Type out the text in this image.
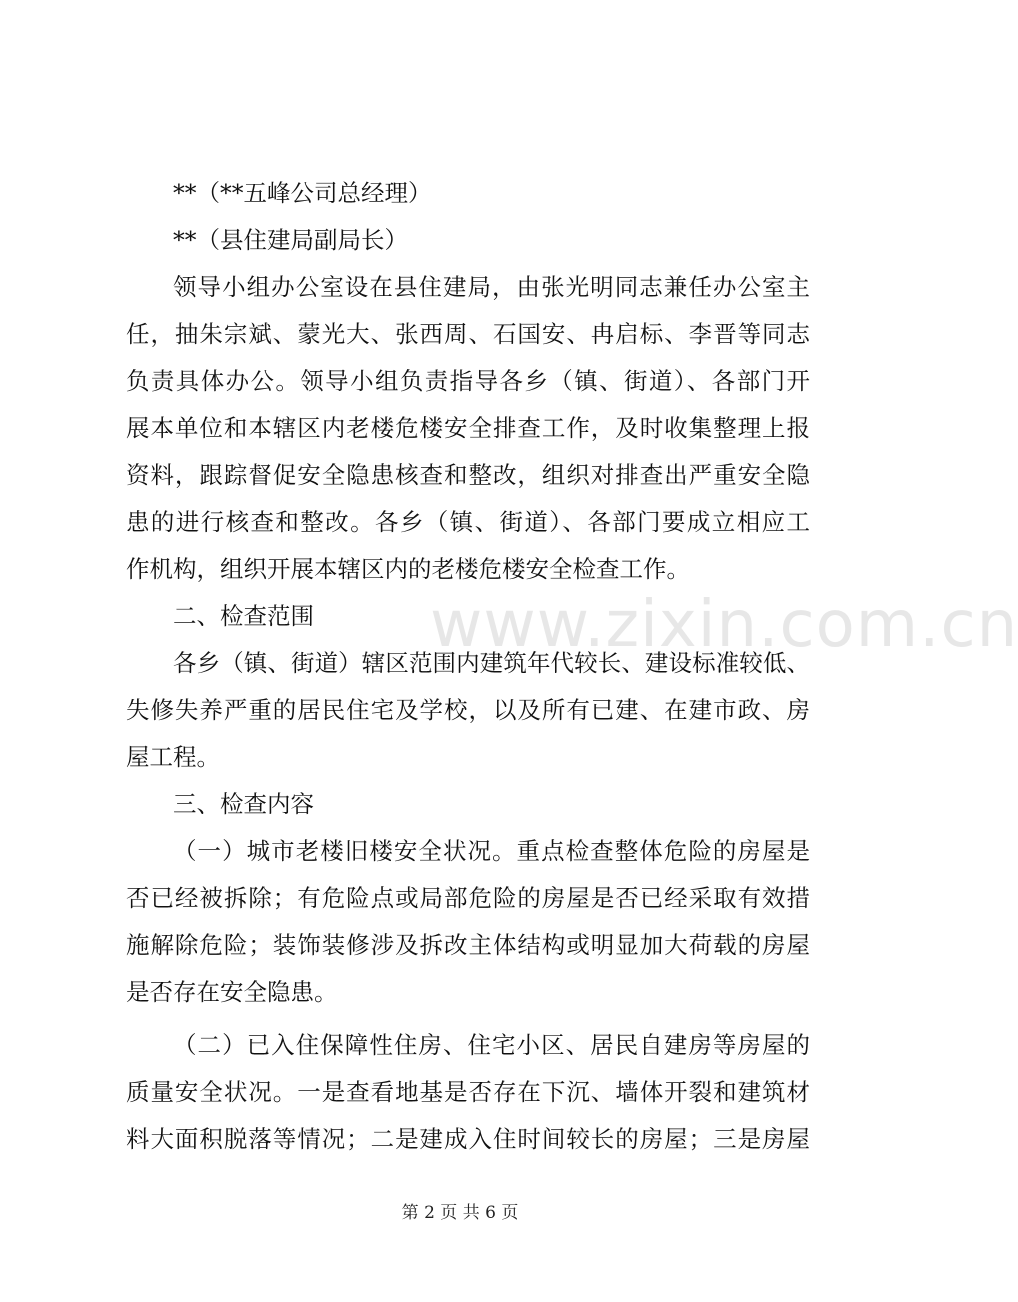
**（**五峰公司总经理）
**（县住建局副局长）
领导小组办公室设在县住建局，由张光明同志兼任办公室主
任，抽朱宗斌、蒙光大、张西周、石国安、冉启标、李晋等同志
负责具体办公。领导小组负责指导各乡（镇、街道）、各部门开
展本单位和本辖区内老楼危楼安全排查工作，及时收集整理上报
资料，跟踪督促安全隐患核查和整改，组织对排查出严重安全隐
患的进行核查和整改。各乡（镇、街道）、各部门要成立相应工
作机构，组织开展本辖区内的老楼危楼安全检查工作。
二、检查范围
各乡（镇、街道）辖区范围内建筑年代较长、建设标准较低、
失修失养严重的居民住宅及学校，以及所有已建、在建市政、房
屋工程。
三、检查内容
（一）城市老楼旧楼安全状况。重点检查整体危险的房屋是
否已经被拆除；有危险点或局部危险的房屋是否已经采取有效措
施解除危险；装饰装修涉及拆改主体结构或明显加大荷载的房屋
是否存在安全隐患。
（二）已入住保障性住房、住宅小区、居民自建房等房屋的
质量安全状况。一是查看地基是否存在下沉、墙体开裂和建筑材
料大面积脱落等情况；二是建成入住时间较长的房屋；三是房屋
www.zixin.com.cn
第 2 页 共 6 页
